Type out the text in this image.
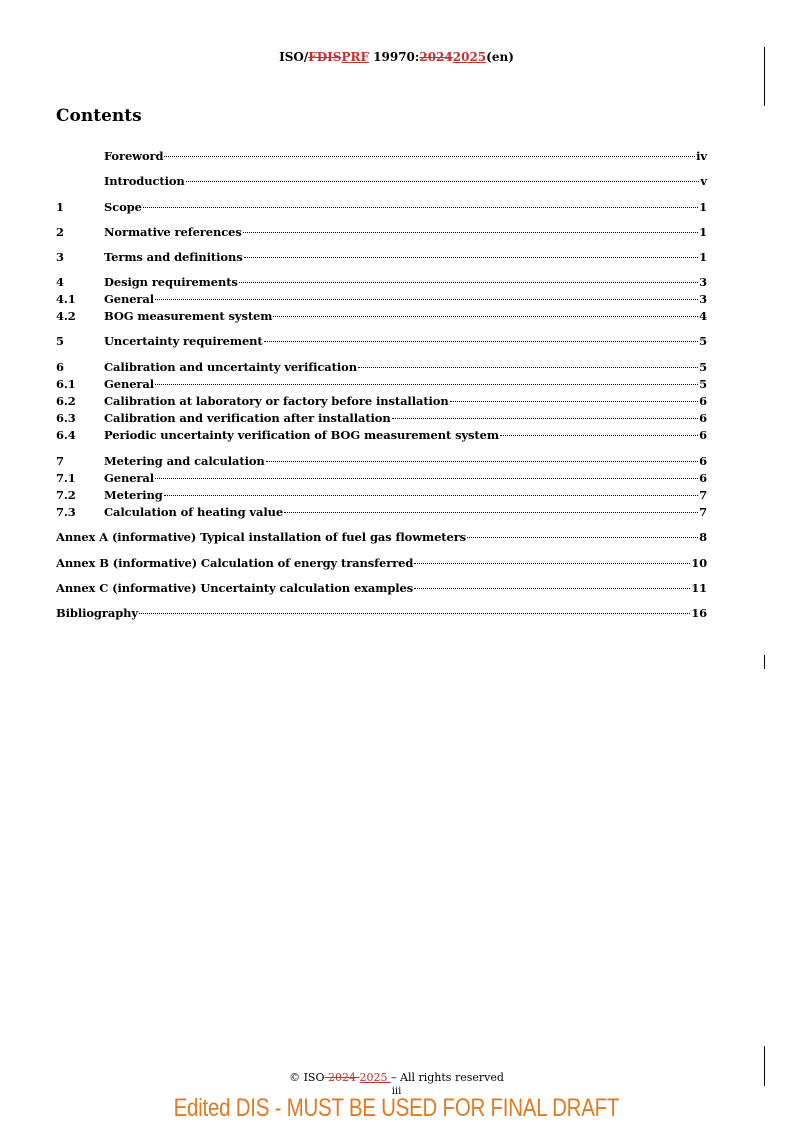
ISO/FDISPRF 19970:20242025(en)
Contents
Foreword	iv
Introduction	v
1	Scope	1
2	Normative references	1
3	Terms and definitions	1
4	Design requirements	3
4.1	General	3
4.2	BOG measurement system	4
5	Uncertainty requirement	5
6	Calibration and uncertainty verification	5
6.1	General	5
6.2	Calibration at laboratory or factory before installation	6
6.3	Calibration and verification after installation	6
6.4	Periodic uncertainty verification of BOG measurement system	6
7	Metering and calculation	6
7.1	General	6
7.2	Metering	7
7.3	Calculation of heating value	7
Annex A (informative) Typical installation of fuel gas flowmeters	8
Annex B (informative) Calculation of energy transferred	10
Annex C (informative) Uncertainty calculation examples	11
Bibliography	16
© ISO 2024 2025 – All rights reserved
iii
Edited DIS - MUST BE USED FOR FINAL DRAFT
